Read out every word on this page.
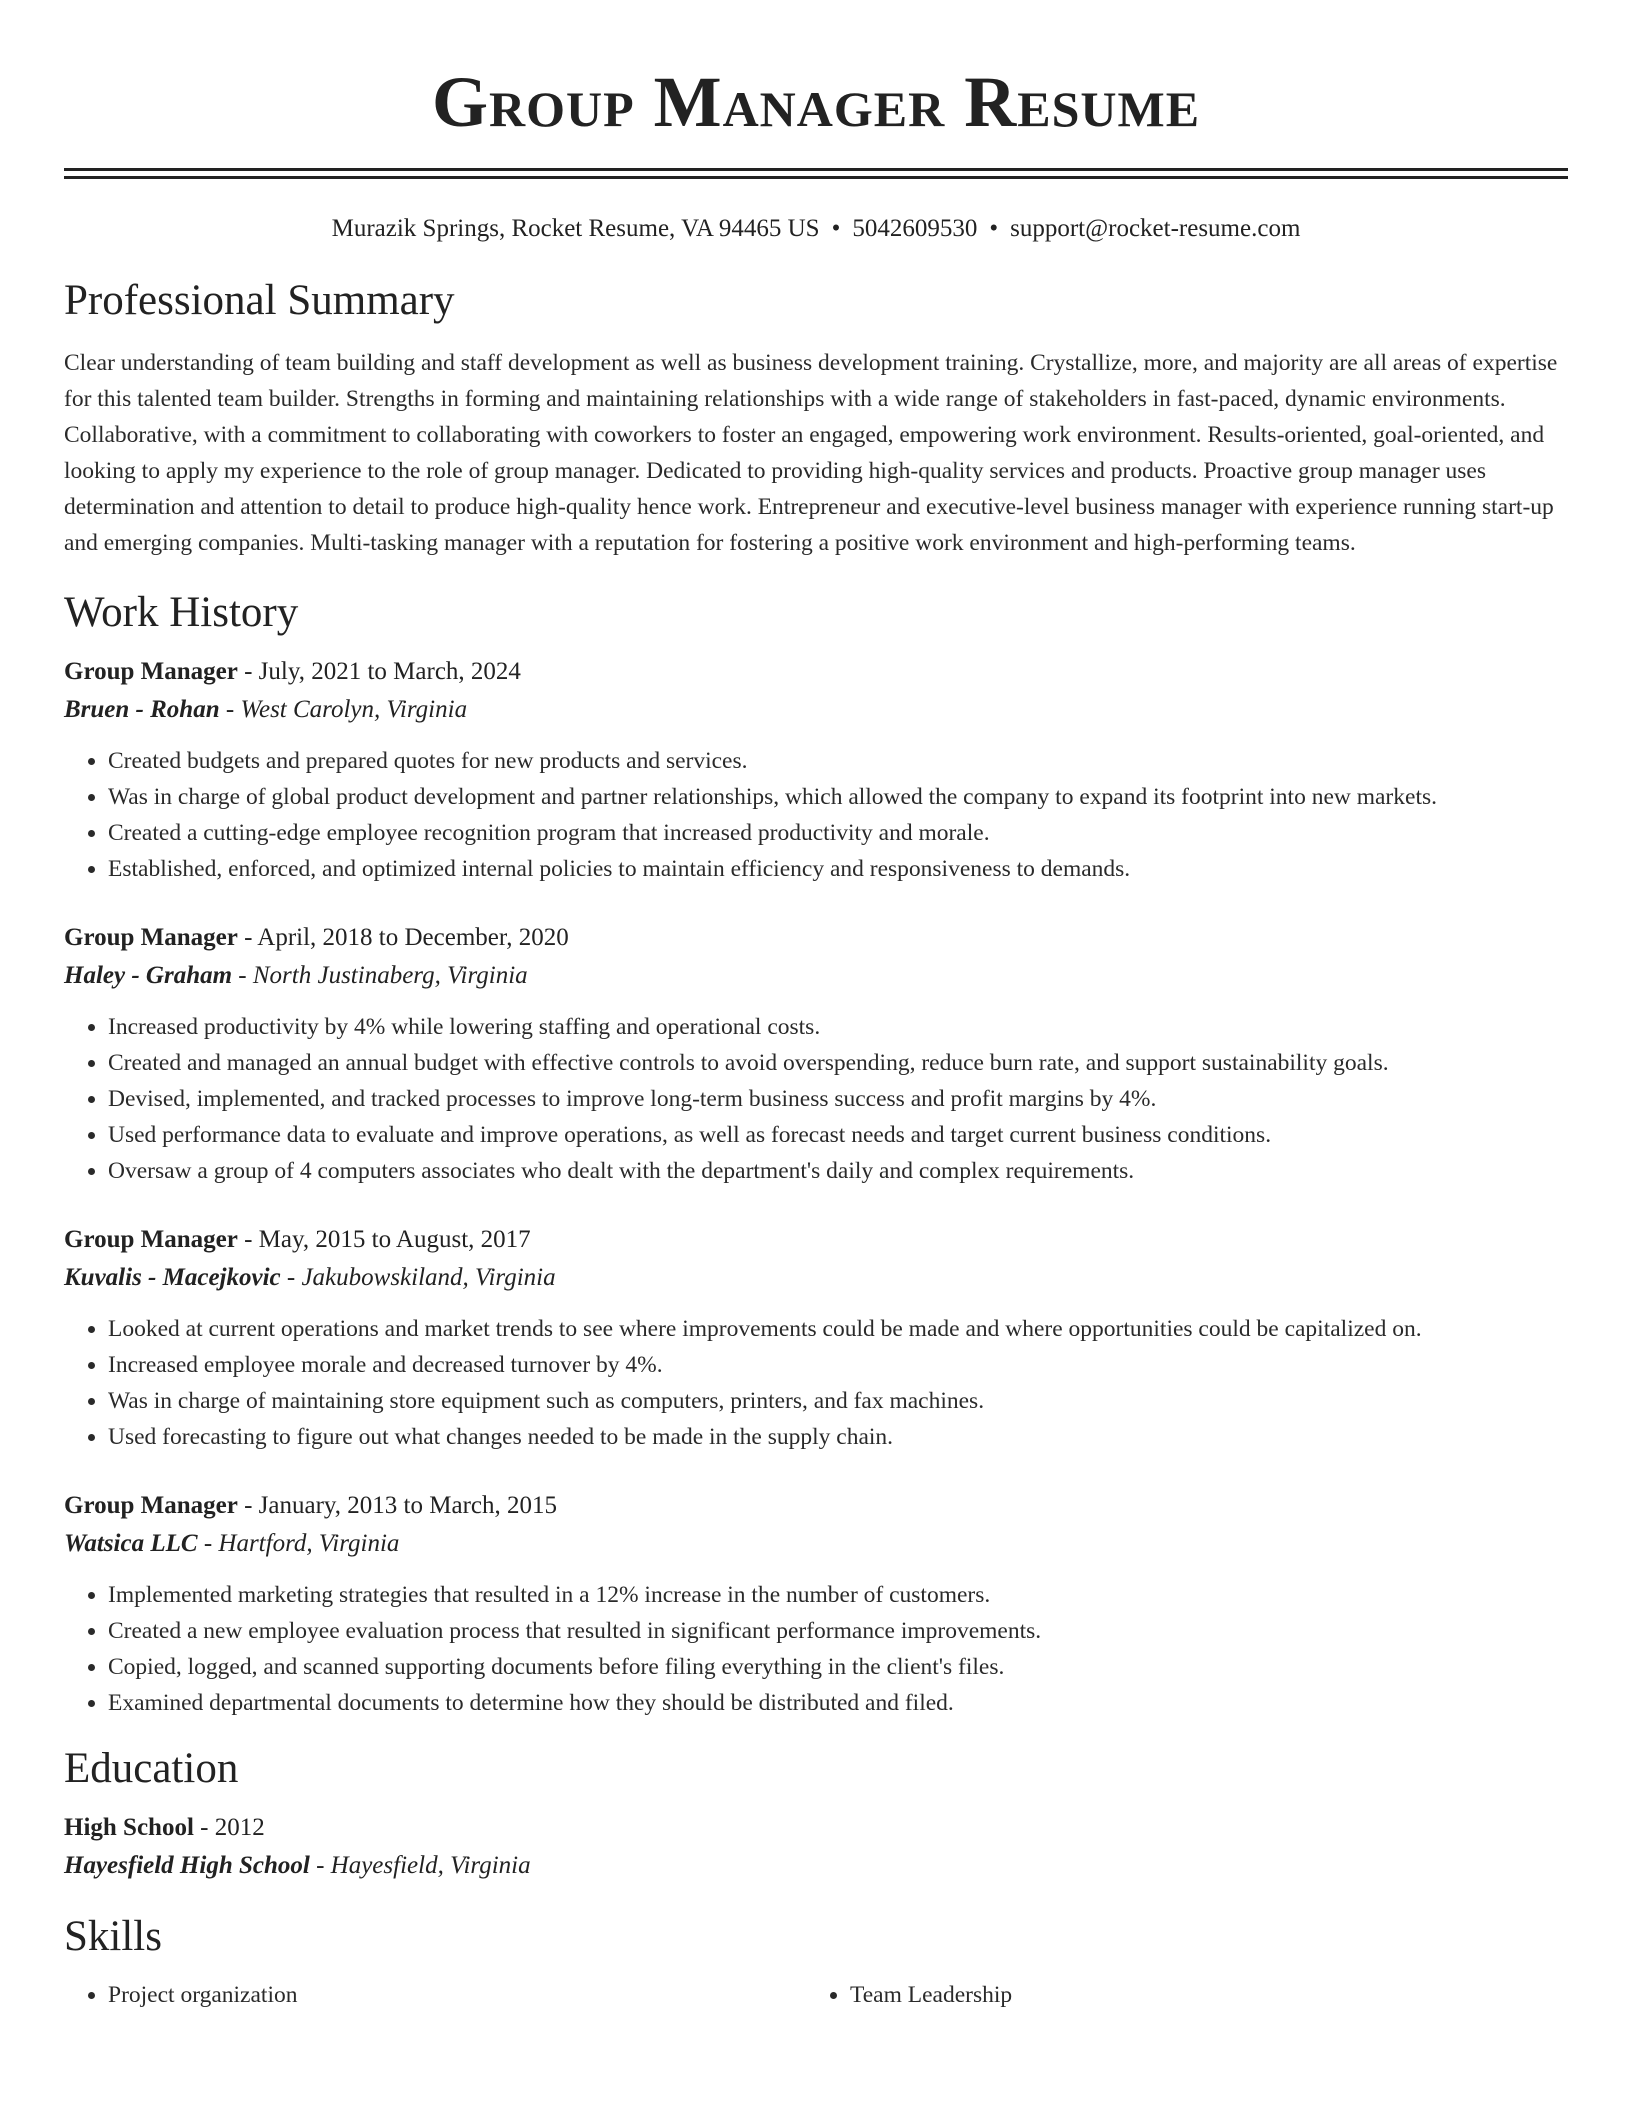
Group Manager Resume
Murazik Springs, Rocket Resume, VA 94465 US • 5042609530 • support@rocket-resume.com
Professional Summary

Clear understanding of team building and staff development as well as business development training. Crystallize, more, and majority are all areas of expertise for this talented team builder. Strengths in forming and maintaining relationships with a wide range of stakeholders in fast-paced, dynamic environments. Collaborative, with a commitment to collaborating with coworkers to foster an engaged, empowering work environment. Results-oriented, goal-oriented, and looking to apply my experience to the role of group manager. Dedicated to providing high-quality services and products. Proactive group manager uses determination and attention to detail to produce high-quality hence work. Entrepreneur and executive-level business manager with experience running start-up and emerging companies. Multi-tasking manager with a reputation for fostering a positive work environment and high-performing teams.

Work History
Group Manager - July, 2021 to March, 2024
Bruen - Rohan - West Carolyn, Virginia
• Created budgets and prepared quotes for new products and services.
• Was in charge of global product development and partner relationships, which allowed the company to expand its footprint into new markets.
• Created a cutting-edge employee recognition program that increased productivity and morale.
• Established, enforced, and optimized internal policies to maintain efficiency and responsiveness to demands.
Group Manager - April, 2018 to December, 2020
Haley - Graham - North Justinaberg, Virginia
• Increased productivity by 4% while lowering staffing and operational costs.
• Created and managed an annual budget with effective controls to avoid overspending, reduce burn rate, and support sustainability goals.
• Devised, implemented, and tracked processes to improve long-term business success and profit margins by 4%.
• Used performance data to evaluate and improve operations, as well as forecast needs and target current business conditions.
• Oversaw a group of 4 computers associates who dealt with the department's daily and complex requirements.
Group Manager - May, 2015 to August, 2017
Kuvalis - Macejkovic - Jakubowskiland, Virginia
• Looked at current operations and market trends to see where improvements could be made and where opportunities could be capitalized on.
• Increased employee morale and decreased turnover by 4%.
• Was in charge of maintaining store equipment such as computers, printers, and fax machines.
• Used forecasting to figure out what changes needed to be made in the supply chain.
Group Manager - January, 2013 to March, 2015
Watsica LLC - Hartford, Virginia
• Implemented marketing strategies that resulted in a 12% increase in the number of customers.
• Created a new employee evaluation process that resulted in significant performance improvements.
• Copied, logged, and scanned supporting documents before filing everything in the client's files.
• Examined departmental documents to determine how they should be distributed and filed.
Education
High School - 2012
Hayesfield High School - Hayesfield, Virginia
Skills
• Project organization
•	Team Leadership
